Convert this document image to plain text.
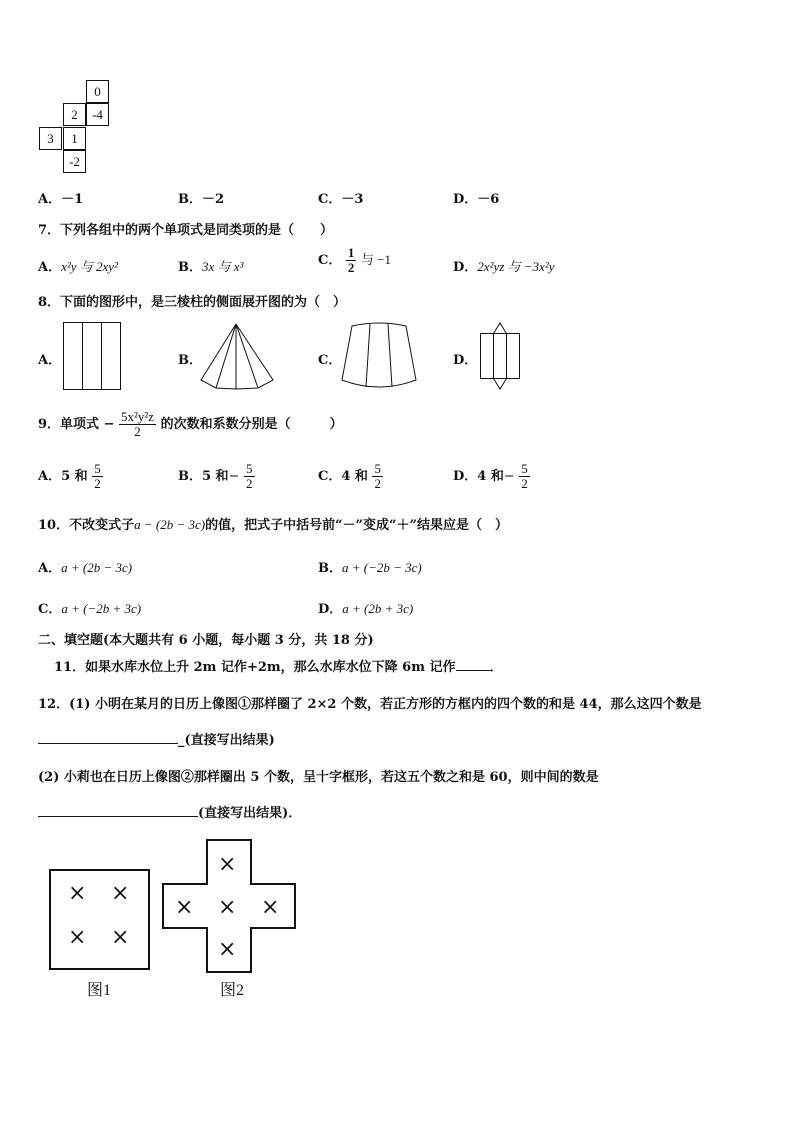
0
2	-4
3	1
-2
A．－1	B．－2	C．－3	D．－6
7．下列各组中的两个单项式是同类项的是（　　）
A．x²y 与 2xy²	B．3x 与 x³	C． $\frac{1}{2}$ 与 −1
D．2x²yz 与 −3x²y
8．下面的图形中，是三棱柱的侧面展开图的为（　）
A．	B．	C．	D．
9．单项式 − $\frac{\text{5x²y²z}}{2}$ 的次数和系数分别是（　　　）
A．5 和 $\frac{5}{2}$	B．5 和− $\frac{5}{2}$	C．4 和 $\frac{5}{2}$	D．4 和− $\frac{5}{2}$
10．不改变式子a − (2b − 3c)的值，把式子中括号前“－”变成“＋”结果应是（　）
A．a + (2b − 3c)	B．a + (−2b − 3c)
C．a + (−2b + 3c)	D．a + (2b + 3c)
二、填空题(本大题共有 6 小题，每小题 3 分，共 18 分)
11．如果水库水位上升 2m 记作+2m，那么水库水位下降 6m 记作	．
12．(1) 小明在某月的日历上像图①那样圈了 2×2 个数，若正方形的方框内的四个数的和是 44，那么这四个数是
_(直接写出结果)
(2) 小莉也在日历上像图②那样圈出 5 个数，呈十字框形，若这五个数之和是 60，则中间的数是
(直接写出结果)．
× ×
× ×
图1
×
× × ×
×
图2
